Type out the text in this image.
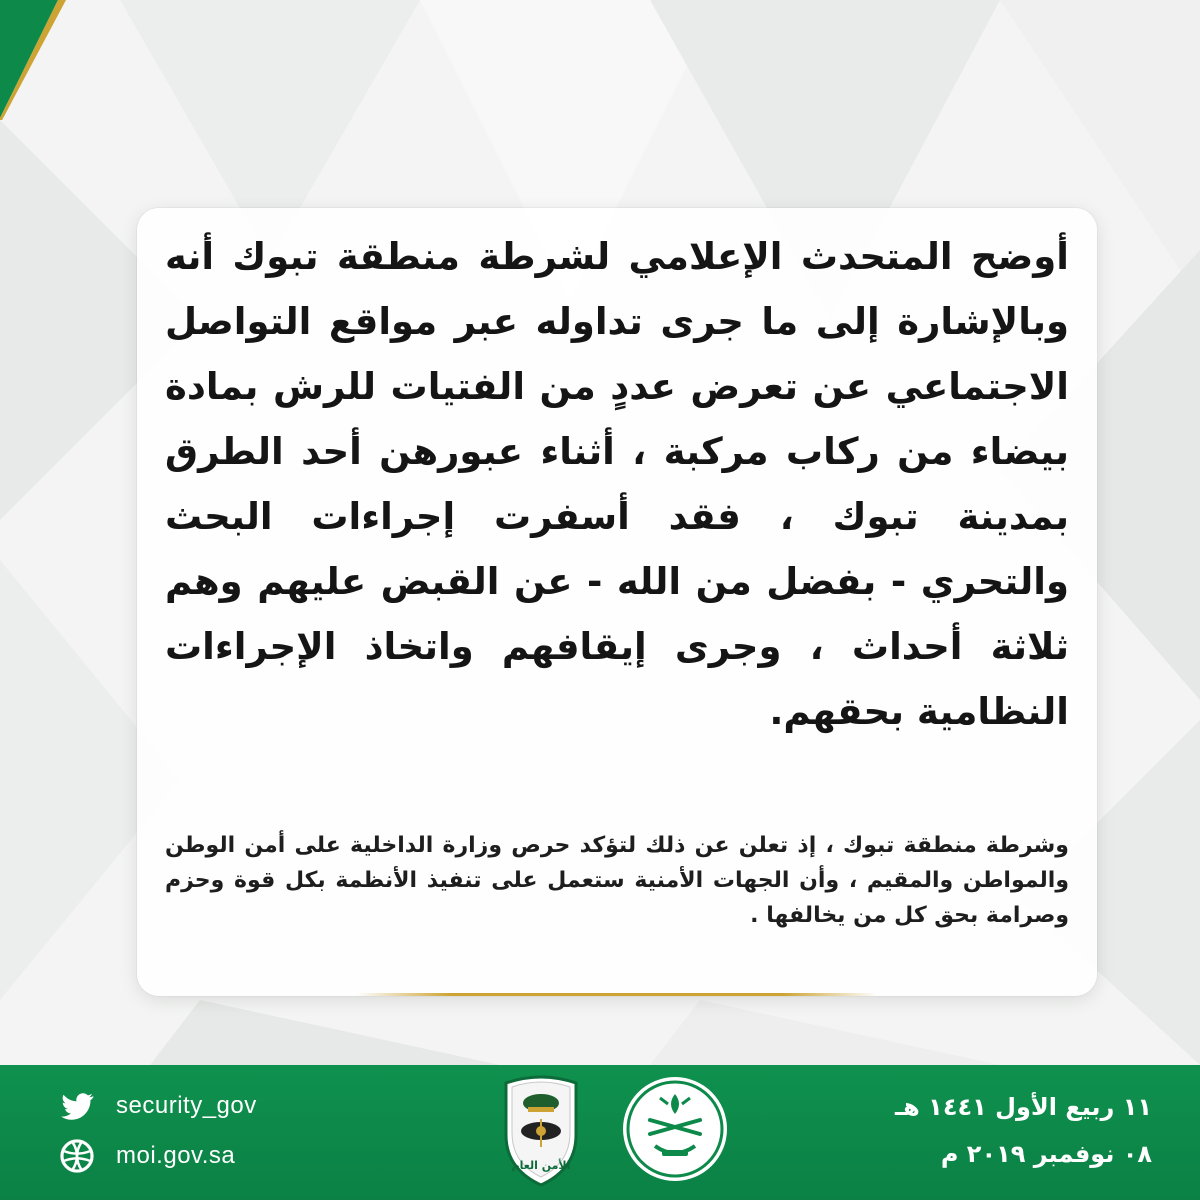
أوضح المتحدث الإعلامي لشرطة منطقة تبوك أنه وبالإشارة إلى ما جرى تداوله عبر مواقع التواصل الاجتماعي عن تعرض عددٍ من الفتيات للرش بمادة بيضاء من ركاب مركبة ، أثناء عبورهن أحد الطرق بمدينة تبوك ، فقد أسفرت إجراءات البحث والتحري - بفضل من الله - عن القبض عليهم وهم ثلاثة أحداث ، وجرى إيقافهم واتخاذ الإجراءات النظامية بحقهم.

وشرطة منطقة تبوك ، إذ تعلن عن ذلك لتؤكد حرص وزارة الداخلية على أمن الوطن والمواطن والمقيم ، وأن الجهات الأمنية ستعمل على تنفيذ الأنظمة بكل قوة وحزم وصرامة بحق كل من يخالفها .

security_gov
moi.gov.sa	الأمن العام
١١ ربيع الأول ١٤٤١ هـ
٠٨ نوفمبر ٢٠١٩ م
